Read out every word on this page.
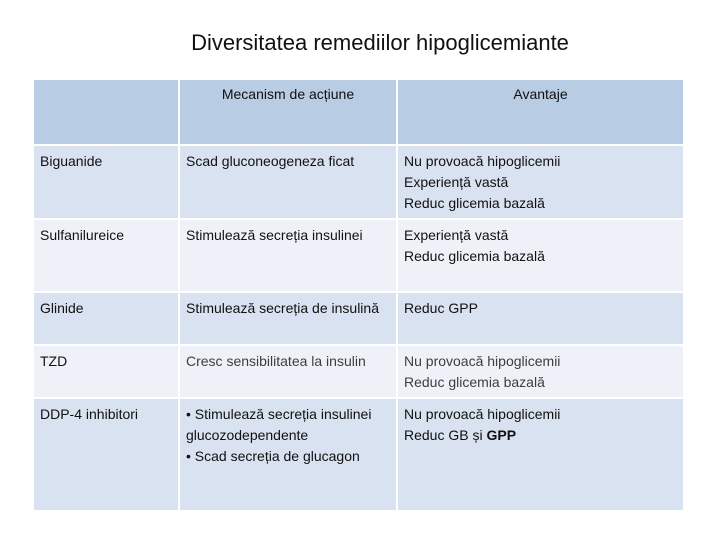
Diversitatea remediilor hipoglicemiante
	Mecanism de acțiune	Avantaje
Biguanide	Scad gluconeogeneza ficat	Nu provoacă hipoglicemii
Experiență vastă
Reduc glicemia bazală

Sulfanilureice	Stimulează secreția insulinei	Experiență vastă
Reduc glicemia bazală

Glinide	Stimulează secreția de insulină	Reduc GPP

TZD	Cresc sensibilitatea la insulin	Nu provoacă hipoglicemii
Reduc glicemia bazală

DDP-4 inhibitori	• Stimulează secreția insulinei glucozodependente
• Scad secreția de glucagon	Nu provoacă hipoglicemii
Reduc GB și GPP
